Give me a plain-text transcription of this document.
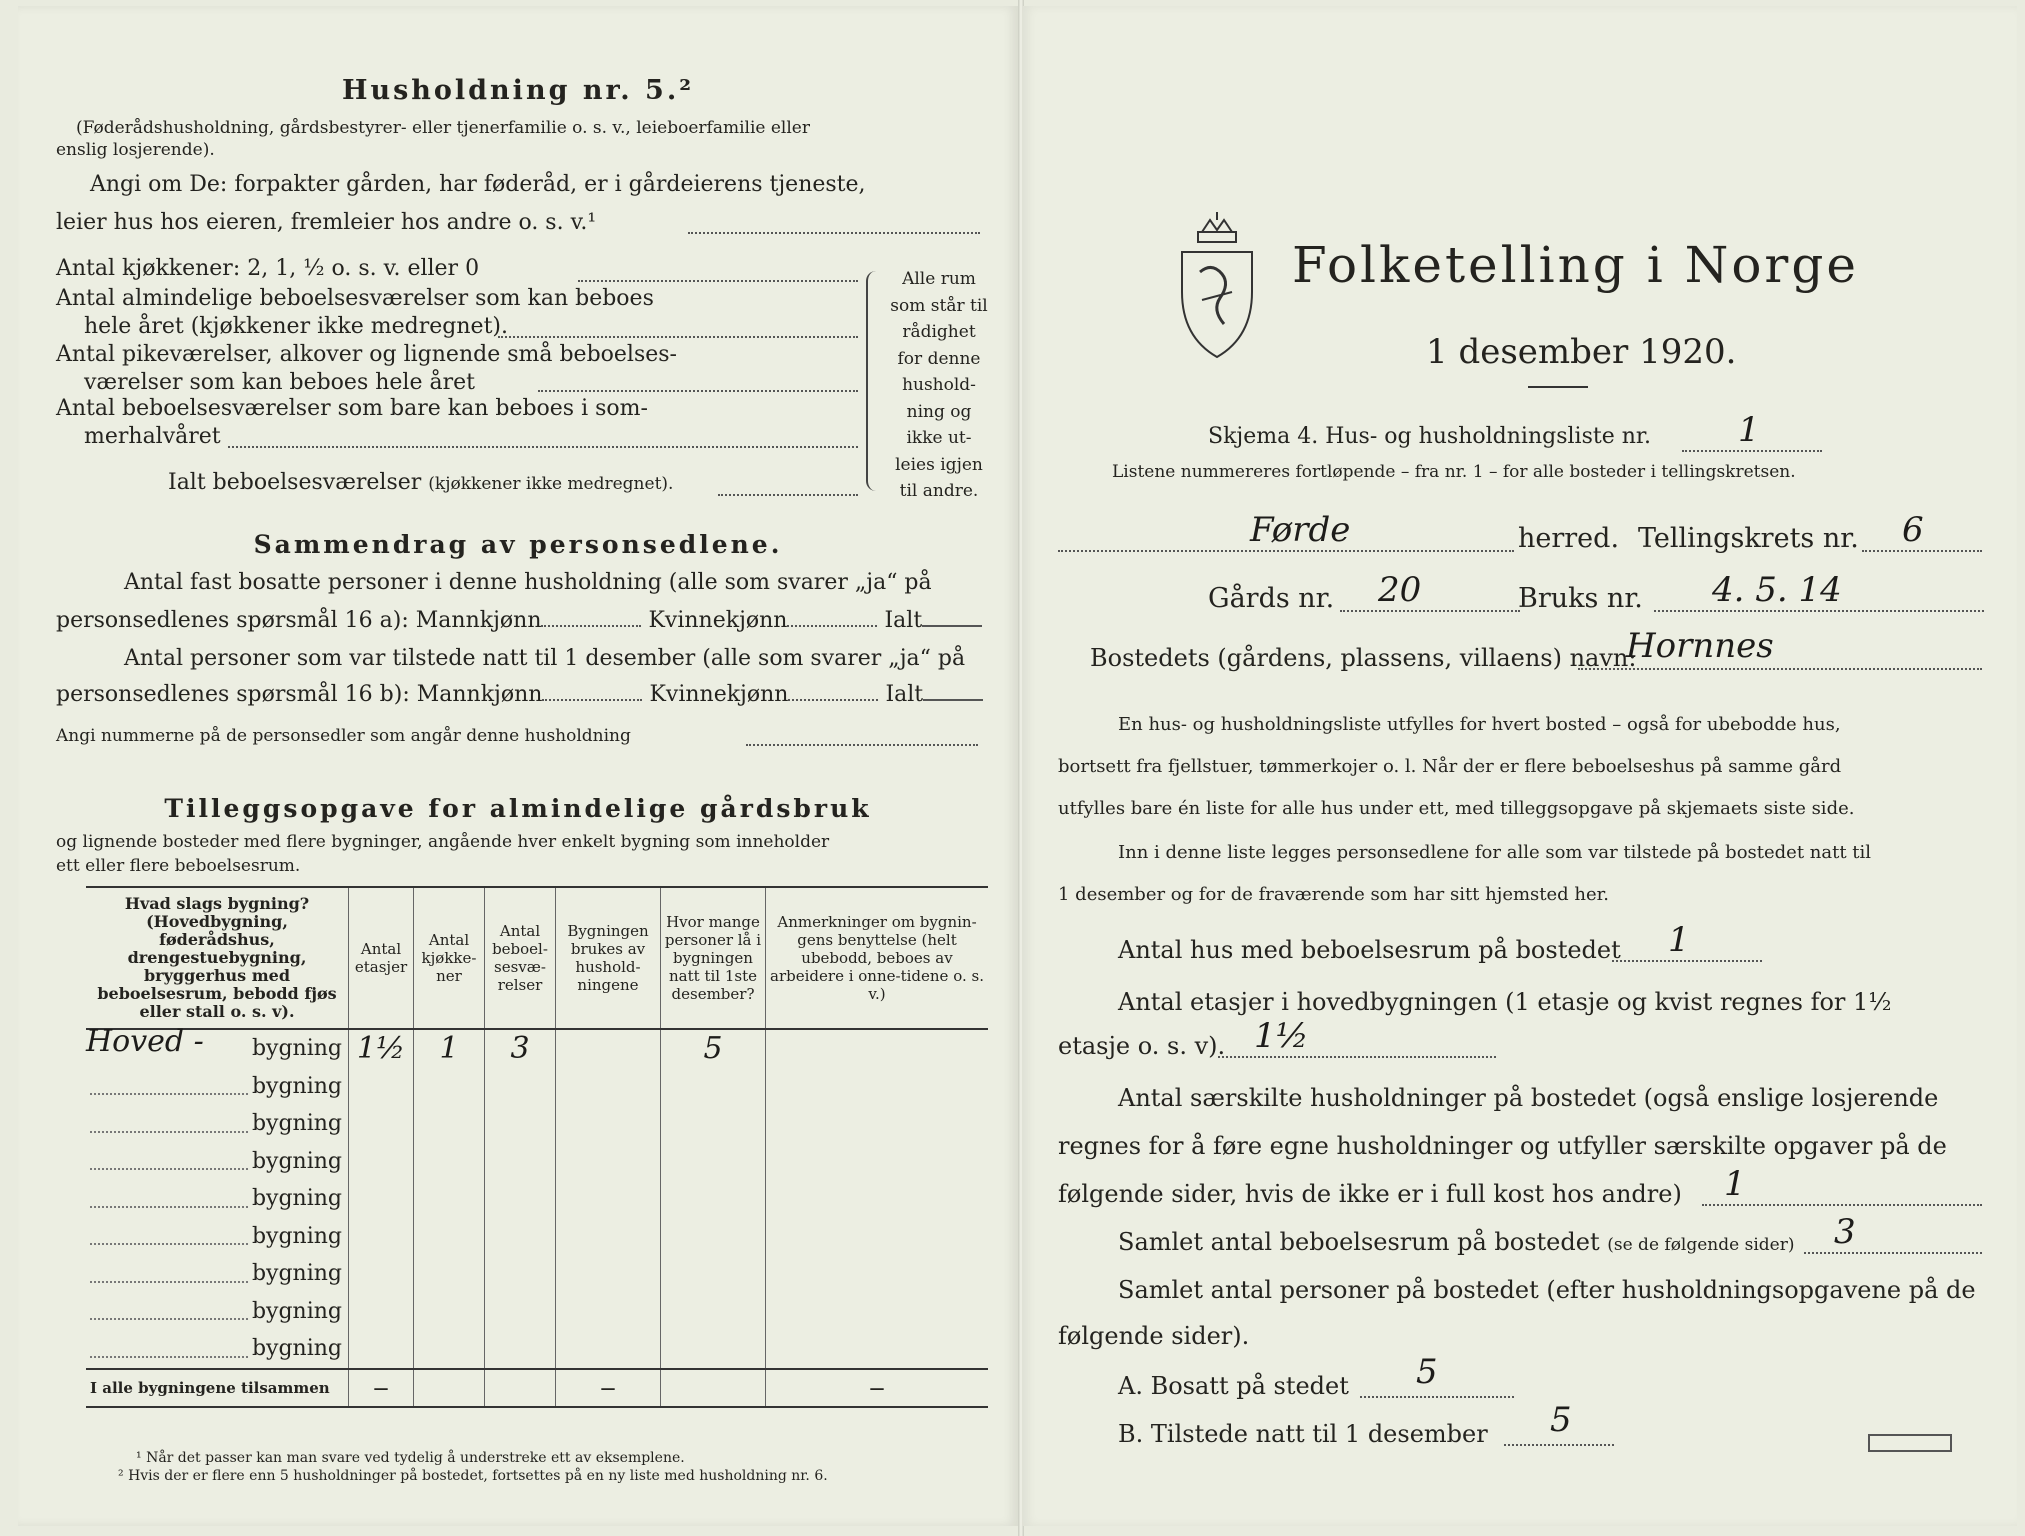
Husholdning nr. 5.²
(Føderådshusholdning, gårdsbestyrer- eller tjenerfamilie o. s. v., leieboerfamilie eller
enslig losjerende).
Angi om De: forpakter gården, har føderåd, er i gårdeierens tjeneste,
leier hus hos eieren, fremleier hos andre o. s. v.¹
Antal kjøkkener: 2, 1, ½ o. s. v. eller 0
Antal almindelige beboelsesværelser som kan beboes
hele året (kjøkkener ikke medregnet).
Antal pikeværelser, alkover og lignende små beboelses-
værelser som kan beboes hele året
Antal beboelsesværelser som bare kan beboes i som-
merhalvåret
Ialt beboelsesværelser (kjøkkener ikke medregnet).
Alle rum
som står til
rådighet
for denne
hushold-
ning og
ikke ut-
leies igjen
til andre.
Sammendrag av personsedlene.
Antal fast bosatte personer i denne husholdning (alle som svarer „ja“ på
personsedlenes spørsmål 16 a): Mannkjønn	Kvinnekjønn	Ialt
Antal personer som var tilstede natt til 1 desember (alle som svarer „ja“ på
personsedlenes spørsmål 16 b): Mannkjønn	Kvinnekjønn	Ialt
Angi nummerne på de personsedler som angår denne husholdning
Tilleggsopgave for almindelige gårdsbruk
og lignende bosteder med flere bygninger, angående hver enkelt bygning som inneholder
ett eller flere beboelsesrum.
Hvad slags bygning? (Hovedbygning, føderådshus, drengestuebygning, bryggerhus med beboelsesrum, bebodd fjøs eller stall o. s. v).	Antal etasjer	Antal kjøkke-ner	Antal beboel-sesvæ-relser	Bygningen brukes av hushold-ningene	Hvor mange personer lå i bygningen natt til 1ste desember?	Anmerkninger om bygnin-gens benyttelse (helt ubebodd, beboes av arbeidere i onne-tidene o. s. v.)

Hoved - bygning	1½	1	3		5	

bygning						

bygning						

bygning						

bygning						

bygning						

bygning						

bygning						

bygning						
I alle bygningene tilsammen	—			—		—
¹ Når det passer kan man svare ved tydelig å understreke ett av eksemplene.
² Hvis der er flere enn 5 husholdninger på bostedet, fortsettes på en ny liste med husholdning nr. 6.
Folketelling i Norge
1 desember 1920.
Skjema 4. Hus- og husholdningsliste nr.	1
Listene nummereres fortløpende – fra nr. 1 – for alle bosteder i tellingskretsen.
Førde	herred. Tellingskrets nr. 6
Gårds nr. 20	Bruks nr. 4. 5. 14
Bostedets (gårdens, plassens, villaens) navn:
Hornnes
En hus- og husholdningsliste utfylles for hvert bosted – også for ubebodde hus,
bortsett fra fjellstuer, tømmerkojer o. l. Når der er flere beboelseshus på samme gård
utfylles bare én liste for alle hus under ett, med tilleggsopgave på skjemaets siste side.
Inn i denne liste legges personsedlene for alle som var tilstede på bostedet natt til
1 desember og for de fraværende som har sitt hjemsted her.
Antal hus med beboelsesrum på bostedet 1
Antal etasjer i hovedbygningen (1 etasje og kvist regnes for 1½
etasje o. s. v). 1½
Antal særskilte husholdninger på bostedet (også enslige losjerende
regnes for å føre egne husholdninger og utfyller særskilte opgaver på de
følgende sider, hvis de ikke er i full kost hos andre) 1
Samlet antal beboelsesrum på bostedet (se de følgende sider) 3
Samlet antal personer på bostedet (efter husholdningsopgavene på de
følgende sider).
A. Bosatt på stedet 5
B. Tilstede natt til 1 desember 5
